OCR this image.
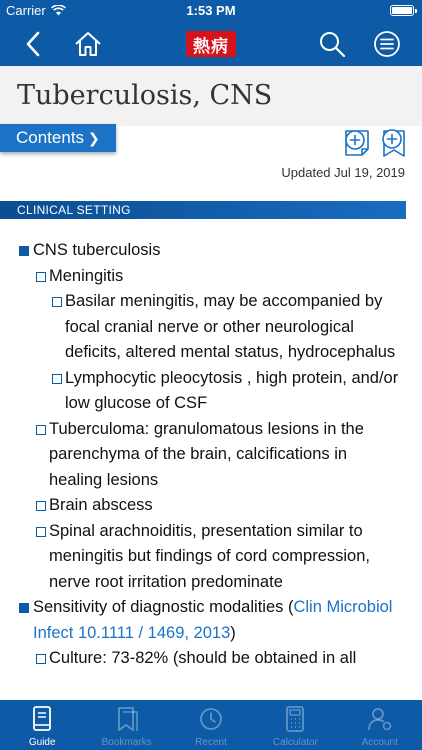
Carrier	1:53 PM
熱病
Tuberculosis, CNS
Contents ❯
Updated Jul 19, 2019
CLINICAL SETTING
CNS tuberculosis
Meningitis
Basilar meningitis, may be accompanied by focal cranial nerve or other neurological deficits, altered mental status, hydrocephalus
Lymphocytic pleocytosis , high protein, and/or low glucose of CSF
Tuberculoma: granulomatous lesions in the parenchyma of the brain, calcifications in healing lesions
Brain abscess
Spinal arachnoiditis, presentation similar to meningitis but findings of cord compression, nerve root irritation predominate
Sensitivity of diagnostic modalities (Clin Microbiol Infect 10.1111 / 1469, 2013)
Culture: 73-82% (should be obtained in all
Guide	Bookmarks	Recent	Calculator	Account
